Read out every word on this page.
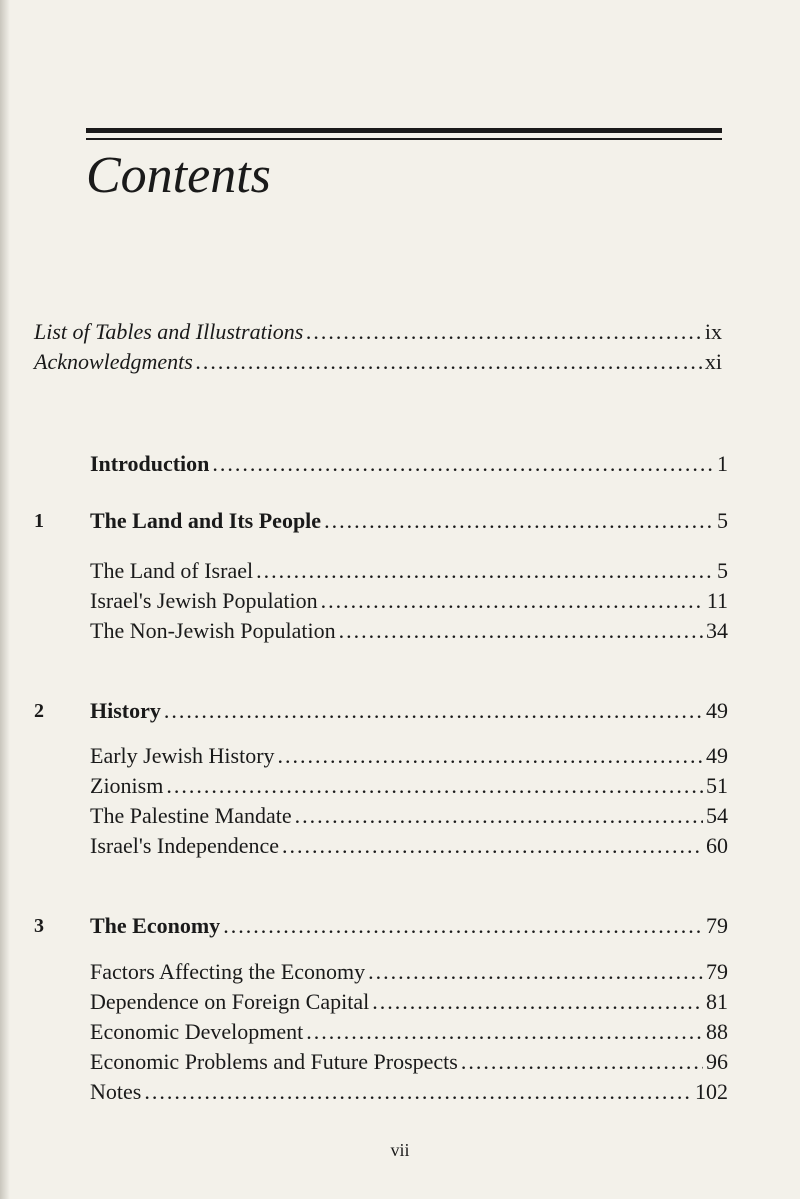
Contents
List of Tables and Illustrations .....	ix
Acknowledgments .....	xi
Introduction .....	1
1 The Land and Its People .....	5
The Land of Israel .....	5
Israel's Jewish Population .....	11
The Non-Jewish Population .....	34
2 History .....	49
Early Jewish History .....	49
Zionism .....	51
The Palestine Mandate .....	54
Israel's Independence .....	60
3 The Economy .....	79
Factors Affecting the Economy .....	79
Dependence on Foreign Capital .....	81
Economic Development .....	88
Economic Problems and Future Prospects .....	96
Notes .....	102
vii
